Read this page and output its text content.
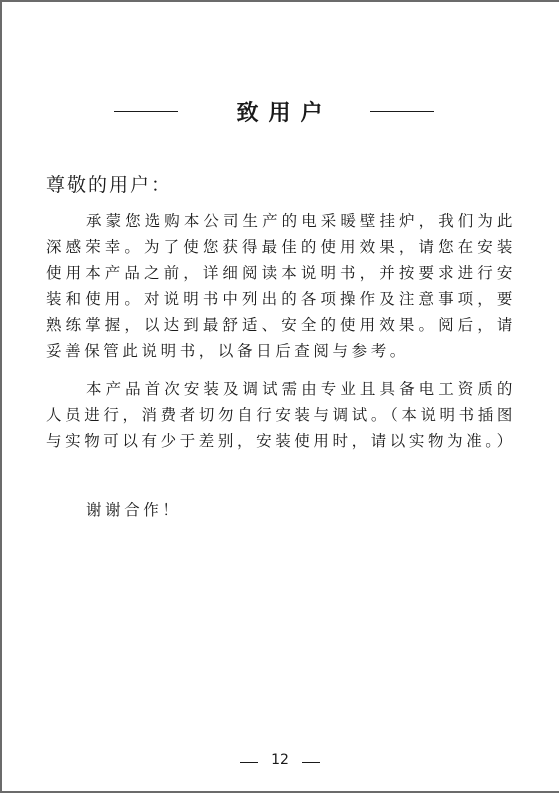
致用户
尊敬的用户：

承蒙您选购本公司生产的电采暖壁挂炉，我们为此深感荣幸。为了使您获得最佳的使用效果，请您在安装使用本产品之前，详细阅读本说明书，并按要求进行安装和使用。对说明书中列出的各项操作及注意事项，要熟练掌握，以达到最舒适、安全的使用效果。阅后，请妥善保管此说明书，以备日后查阅与参考。

本产品首次安装及调试需由专业且具备电工资质的人员进行，消费者切勿自行安装与调试。（本说明书插图与实物可以有少于差别，安装使用时，请以实物为准。）

谢谢合作！
12
